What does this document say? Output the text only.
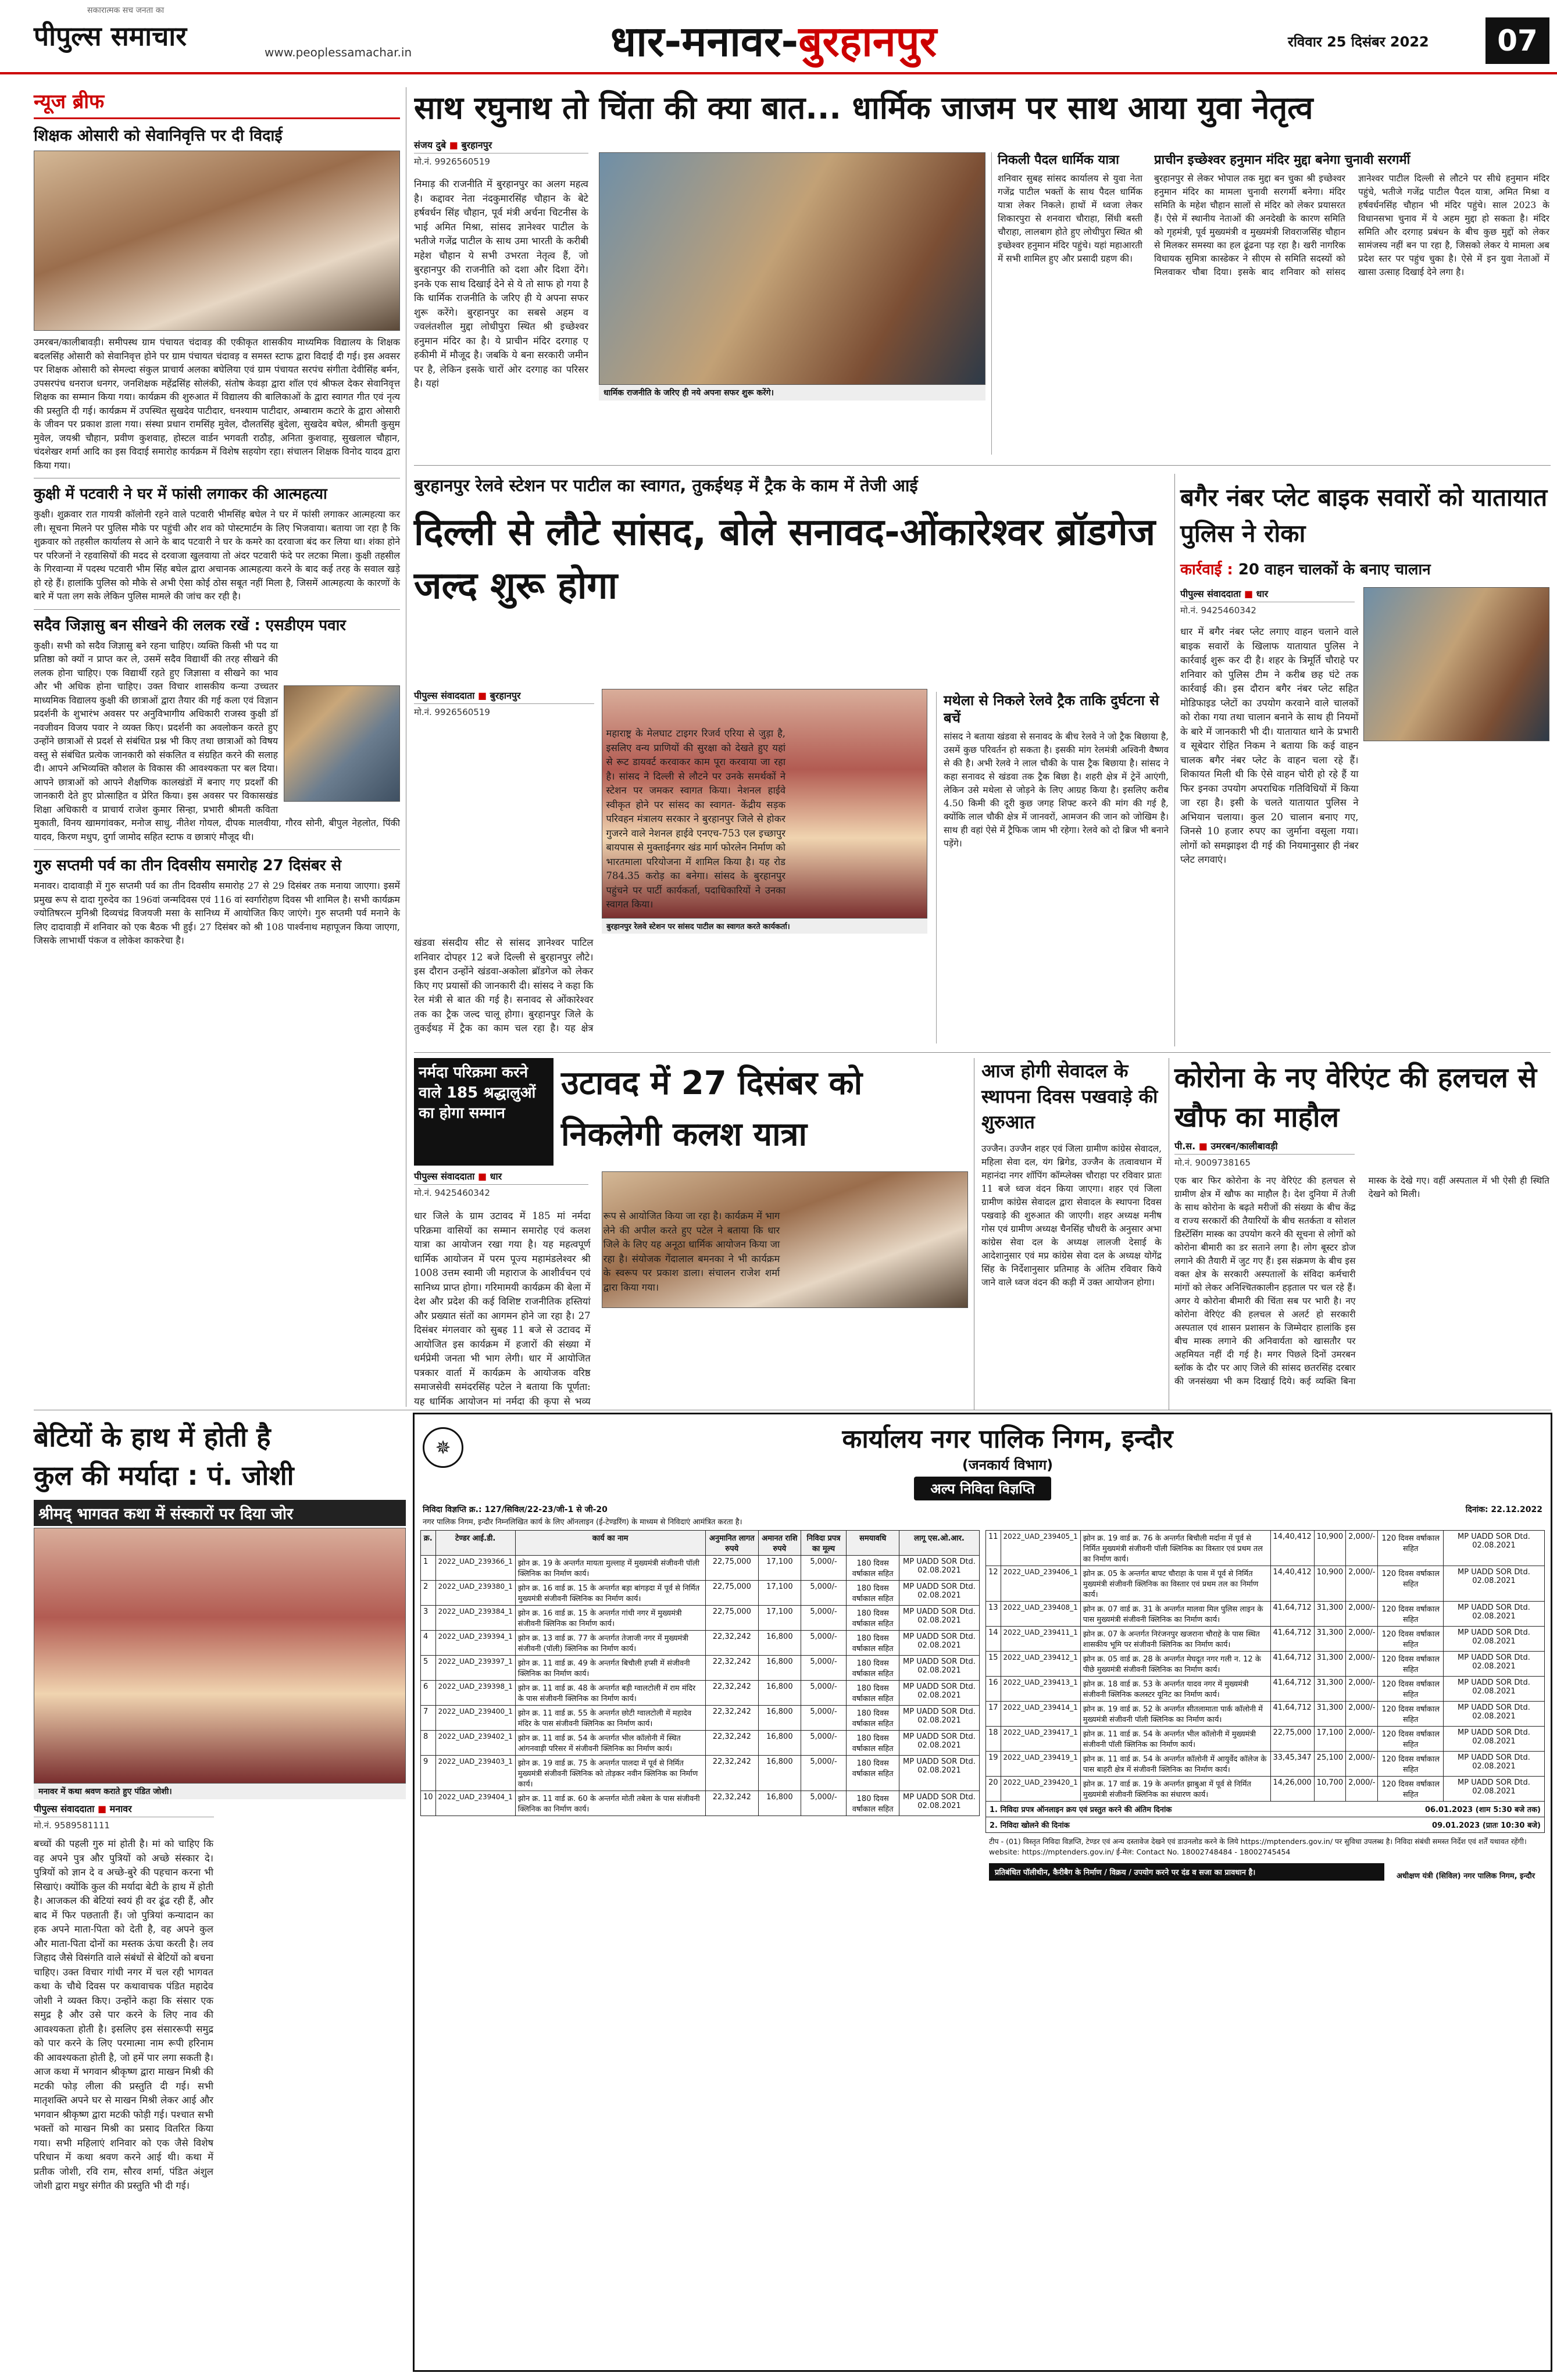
सकारात्मक सच जनता का
पीपुल्स समाचार
www.peoplessamachar.in	धार-मनावर-बुरहानपुर	रविवार 25 दिसंबर 2022	07
न्यूज ब्रीफ
शिक्षक ओसारी को सेवानिवृत्ति पर दी विदाई
उमरबन/कालीबावड़ी। समीपस्थ ग्राम पंचायत चंदावड़ की एकीकृत शासकीय माध्यमिक विद्यालय के शिक्षक बदलसिंह ओसारी को सेवानिवृत्त होने पर ग्राम पंचायत चंदावड़ व समस्त स्टाफ द्वारा विदाई दी गई। इस अवसर पर शिक्षक ओसारी को सेमल्दा संकुल प्राचार्य अलका बघेलिया एवं ग्राम पंचायत सरपंच संगीता देवीसिंह बर्मन, उपसरपंच धनराज धनगर, जनशिक्षक महेंद्रसिंह सोलंकी, संतोष केवड़ा द्वारा शॉल एवं श्रीफल देकर सेवानिवृत्त शिक्षक का सम्मान किया गया। कार्यक्रम की शुरुआत में विद्यालय की बालिकाओं के द्वारा स्वागत गीत एवं नृत्य की प्रस्तुति दी गई। कार्यक्रम में उपस्थित सुखदेव पाटीदार, धनश्याम पाटीदार, अम्बाराम कटारे के द्वारा ओसारी के जीवन पर प्रकाश डाला गया। संस्था प्रधान रामसिंह मुवेल, दौलतसिंह बुंदेला, सुखदेव बघेल, श्रीमती कुसुम मुवेल, जयश्री चौहान, प्रवीण कुशवाह, होस्टल वार्डन भगवती राठौड़, अनिता कुशवाह, सुखलाल चौहान, चंदशेखर शर्मा आदि का इस विदाई समारोह कार्यक्रम में विशेष सहयोग रहा। संचालन शिक्षक विनोद यादव द्वारा किया गया।
कुक्षी में पटवारी ने घर में फांसी लगाकर की आत्महत्या
कुक्षी। शुक्रवार रात गायत्री कॉलोनी रहने वाले पटवारी भीमसिंह बघेल ने घर में फांसी लगाकर आत्महत्या कर ली। सूचना मिलने पर पुलिस मौके पर पहुंची और शव को पोस्टमार्टम के लिए भिजवाया। बताया जा रहा है कि शुक्रवार को तहसील कार्यालय से आने के बाद पटवारी ने घर के कमरे का दरवाजा बंद कर लिया था। शंका होने पर परिजनों ने रहवासियों की मदद से दरवाजा खुलवाया तो अंदर पटवारी फंदे पर लटका मिला। कुक्षी तहसील के गिरवान्या में पदस्थ पटवारी भीम सिंह बघेल द्वारा अचानक आत्महत्या करने के बाद कई तरह के सवाल खड़े हो रहे हैं। हालांकि पुलिस को मौके से अभी ऐसा कोई ठोस सबूत नहीं मिला है, जिसमें आत्महत्या के कारणों के बारे में पता लग सके लेकिन पुलिस मामले की जांच कर रही है।
सदैव जिज्ञासु बन सीखने की ललक रखें : एसडीएम पवार
कुक्षी। सभी को सदैव जिज्ञासु बने रहना चाहिए। व्यक्ति किसी भी पद या प्रतिष्ठा को क्यों न प्राप्त कर ले, उसमें सदैव विद्यार्थी की तरह सीखने की ललक होना चाहिए। एक विद्यार्थी रहते हुए जिज्ञासा व सीखने का भाव और भी अधिक होना चाहिए। उक्त विचार शासकीय कन्या उच्चतर माध्यमिक विद्यालय कुक्षी की छात्राओं द्वारा तैयार की गई कला एवं विज्ञान प्रदर्शनी के शुभारंभ अवसर पर अनुविभागीय अधिकारी राजस्व कुक्षी डॉ नवजीवन विजय पवार ने व्यक्त किए। प्रदर्शनी का अवलोकन करते हुए उन्होंने छात्राओं से प्रदर्श से संबंधित प्रश्न भी किए तथा छात्राओं को विषय वस्तु से संबंधित प्रत्येक जानकारी को संकलित व संग्रहित करने की सलाह दी। आपने अभिव्यक्ति कौशल के विकास की आवश्यकता पर बल दिया। आपने छात्राओं को आपने शैक्षणिक कालखंडों में बनाए गए प्रदर्शों की जानकारी देते हुए प्रोत्साहित व प्रेरित किया। इस अवसर पर विकासखंड शिक्षा अधिकारी व प्राचार्य राजेश कुमार सिन्हा, प्रभारी श्रीमती कविता मुकाती, विनय खामगांवकर, मनोज साधु, नीतेश गोयल, दीपक मालवीया, गौरव सोनी, बीपुल नेहलोत, पिंकी यादव, किरण मधुप, दुर्गा जामोद सहित स्टाफ व छात्राएं मौजूद थी।
गुरु सप्तमी पर्व का तीन दिवसीय समारोह 27 दिसंबर से
मनावर। दादावाड़ी में गुरु सप्तमी पर्व का तीन दिवसीय समारोह 27 से 29 दिसंबर तक मनाया जाएगा। इसमें प्रमुख रूप से दादा गुरुदेव का 196वां जन्मदिवस एवं 116 वां स्वर्गारोहण दिवस भी शामिल है। सभी कार्यक्रम ज्योतिषरत्न मुनिश्री दिव्यचंद्र विजयजी मसा के सानिध्य में आयोजित किए जाएंगे। गुरु सप्तमी पर्व मनाने के लिए दादावाड़ी में शनिवार को एक बैठक भी हुई। 27 दिसंबर को श्री 108 पार्श्वनाथ महापूजन किया जाएगा, जिसके लाभार्थी पंकज व लोकेश काकरेचा है।
साथ रघुनाथ तो चिंता की क्या बात... धार्मिक जाजम पर साथ आया युवा नेतृत्व
संजय दुबे ■ बुरहानपुर
मो.नं. 9926560519
धार्मिक राजनीति के जरिए ही नये अपना सफर शुरू करेंगे।
निमाड़ की राजनीति में बुरहानपुर का अलग महत्व है। कद्दावर नेता नंदकुमारसिंह चौहान के बेटे हर्षवर्धन सिंह चौहान, पूर्व मंत्री अर्चना चिटनीस के भाई अमित मिश्रा, सांसद ज्ञानेश्वर पाटील के भतीजे गजेंद्र पाटील के साथ उमा भारती के करीबी महेश चौहान ये सभी उभरता नेतृत्व हैं, जो बुरहानपुर की राजनीति को दशा और दिशा देंगे। इनके एक साथ दिखाई देने से ये तो साफ हो गया है कि धार्मिक राजनीति के जरिए ही ये अपना सफर शुरू करेंगे। बुरहानपुर का सबसे अहम व ज्वलंतशील मुद्दा लोधीपुरा स्थित श्री इच्छेश्वर हनुमान मंदिर का है। ये प्राचीन मंदिर दरगाह ए हकीमी में मौजूद है। जबकि ये बना सरकारी जमीन पर है, लेकिन इसके चारों ओर दरगाह का परिसर है। यहां
निकली पैदल धार्मिक यात्रा
शनिवार सुबह सांसद कार्यालय से युवा नेता गजेंद्र पाटील भक्तों के साथ पैदल धार्मिक यात्रा लेकर निकले। हाथों में ध्वजा लेकर शिकारपुरा से शनवारा चौराहा, सिंधी बस्ती चौराहा, लालबाग होते हुए लोधीपुरा स्थित श्री इच्छेश्वर हनुमान मंदिर पहुंचे। यहां महाआरती में सभी शामिल हुए और प्रसादी ग्रहण की।
प्राचीन इच्छेश्वर हनुमान मंदिर मुद्दा बनेगा चुनावी सरगर्मी
बुरहानपुर से लेकर भोपाल तक मुद्दा बन चुका श्री इच्छेश्वर हनुमान मंदिर का मामला चुनावी सरगर्मी बनेगा। मंदिर समिति के महेश चौहान सालों से मंदिर को लेकर प्रयासरत हैं। ऐसे में स्थानीय नेताओं की अनदेखी के कारण समिति को गृहमंत्री, पूर्व मुख्यमंत्री व मुख्यमंत्री शिवराजसिंह चौहान से मिलकर समस्या का हल ढूंढना पड़ रहा है। खरी नागरिक विधायक सुमित्रा कास्डेकर ने सीएम से समिति सदस्यों को मिलवाकर चौबा दिया। इसके बाद शनिवार को सांसद ज्ञानेश्वर पाटील दिल्ली से लौटने पर सीधे हनुमान मंदिर पहुंचे, भतीजे गजेंद्र पाटील पैदल यात्रा, अमित मिश्रा व हर्षवर्धनसिंह चौहान भी मंदिर पहुंचे। साल 2023 के विधानसभा चुनाव में ये अहम मुद्दा हो सकता है। मंदिर समिति और दरगाह प्रबंधन के बीच कुछ मुद्दों को लेकर सामंजस्य नहीं बन पा रहा है, जिसको लेकर ये मामला अब प्रदेश स्तर पर पहुंच चुका है। ऐसे में इन युवा नेताओं में खासा उत्साह दिखाई देने लगा है।
बुरहानपुर रेलवे स्टेशन पर पाटील का स्वागत, तुकईथड़ में ट्रैक के काम में तेजी आई
दिल्ली से लौटे सांसद, बोले सनावद-ओंकारेश्वर ब्रॉडगेज जल्द शुरू होगा
पीपुल्स संवाददाता ■ बुरहानपुर
मो.नं. 9926560519
बुरहानपुर रेलवे स्टेशन पर सांसद पाटील का स्वागत करते कार्यकर्ता।
खंडवा संसदीय सीट से सांसद ज्ञानेश्वर पाटिल शनिवार दोपहर 12 बजे दिल्ली से बुरहानपुर लौटे। इस दौरान उन्होंने खंडवा-अकोला ब्रॉडगेज को लेकर किए गए प्रयासों की जानकारी दी। सांसद ने कहा कि रेल मंत्री से बात की गई है। सनावद से ओंकारेश्वर तक का ट्रैक जल्द चालू होगा। बुरहानपुर जिले के तुकईथड़ में ट्रैक का काम चल रहा है। यह क्षेत्र महाराष्ट्र के मेलघाट टाइगर रिजर्व एरिया से जुड़ा है, इसलिए वन्य प्राणियों की सुरक्षा को देखते हुए यहां से रूट डायवर्ट करवाकर काम पूरा करवाया जा रहा है। सांसद ने दिल्ली से लौटने पर उनके समर्थकों ने स्टेशन पर जमकर स्वागत किया। नेशनल हाईवे स्वीकृत होने पर सांसद का स्वागत- केंद्रीय सड़क परिवहन मंत्रालय सरकार ने बुरहानपुर जिले से होकर गुजरने वाले नेशनल हाईवे एनएच-753 एल इच्छापुर बायपास से मुक्ताईनगर खंड मार्ग फोरलेन निर्माण को भारतमाला परियोजना में शामिल किया है। यह रोड 784.35 करोड़ का बनेगा। सांसद के बुरहानपुर पहुंचने पर पार्टी कार्यकर्ता, पदाधिकारियों ने उनका स्वागत किया।
मथेला से निकले रेलवे ट्रैक ताकि दुर्घटना से बचें
सांसद ने बताया खंडवा से सनावद के बीच रेलवे ने जो ट्रैक बिछाया है, उसमें कुछ परिवर्तन हो सकता है। इसकी मांग रेलमंत्री अश्विनी वैष्णव से की है। अभी रेलवे ने लाल चौकी के पास ट्रैक बिछाया है। सांसद ने कहा सनावद से खंडवा तक ट्रैक बिछा है। शहरी क्षेत्र में ट्रेनें आएंगी, लेकिन उसे मथेला से जोड़ने के लिए आग्रह किया है। इसलिए करीब 4.50 किमी की दूरी कुछ जगह शिफ्ट करने की मांग की गई है, क्योंकि लाल चौकी क्षेत्र में जानवरों, आमजन की जान को जोखिम है। साथ ही वहां ऐसे में ट्रैफिक जाम भी रहेगा। रेलवे को दो ब्रिज भी बनाने पड़ेंगे।
बगैर नंबर प्लेट बाइक सवारों को यातायात पुलिस ने रोका
कार्रवाई : 20 वाहन चालकों के बनाए चालान
पीपुल्स संवाददाता ■ धार
मो.नं. 9425460342
धार में बगैर नंबर प्लेट लगाए वाहन चलाने वाले बाइक सवारों के खिलाफ यातायात पुलिस ने कार्रवाई शुरू कर दी है। शहर के त्रिमूर्ति चौराहे पर शनिवार को पुलिस टीम ने करीब छह घंटे तक कार्रवाई की। इस दौरान बगैर नंबर प्लेट सहित मोडिफाइड प्लेटों का उपयोग करवाने वाले चालकों को रोका गया तथा चालान बनाने के साथ ही नियमों के बारे में जानकारी भी दी। यातायात थाने के प्रभारी व सूबेदार रोहित निकम ने बताया कि कई वाहन चालक बगैर नंबर प्लेट के वाहन चला रहे हैं। शिकायत मिली थी कि ऐसे वाहन चोरी हो रहे हैं या फिर इनका उपयोग अपराधिक गतिविधियों में किया जा रहा है। इसी के चलते यातायात पुलिस ने अभियान चलाया। कुल 20 चालान बनाए गए, जिनसे 10 हजार रुपए का जुर्माना वसूला गया। लोगों को समझाइश दी गई की नियमानुसार ही नंबर प्लेट लगवाएं।
नर्मदा परिक्रमा करने वाले 185 श्रद्धालुओं का होगा सम्मान
उटावद में 27 दिसंबर को निकलेगी कलश यात्रा
पीपुल्स संवाददाता ■ धार
मो.नं. 9425460342
धार जिले के ग्राम उटावद में 185 मां नर्मदा परिक्रमा वासियों का सम्मान समारोह एवं कलश यात्रा का आयोजन रखा गया है। यह महत्वपूर्ण धार्मिक आयोजन में परम पूज्य महामंडलेश्वर श्री 1008 उत्तम स्वामी जी महाराज के आशीर्वचन एवं सानिध्य प्राप्त होगा। गरिमामयी कार्यक्रम की बेला में देश और प्रदेश की कई विशिष्ट राजनीतिक हस्तियां और प्रख्यात संतों का आगमन होने जा रहा है। 27 दिसंबर मंगलवार को सुबह 11 बजे से उटावद में आयोजित इस कार्यक्रम में हजारों की संख्या में धर्मप्रेमी जनता भी भाग लेगी। धार में आयोजित पत्रकार वार्ता में कार्यक्रम के आयोजक वरिष्ठ समाजसेवी समंदरसिंह पटेल ने बताया कि पूर्णता: यह धार्मिक आयोजन मां नर्मदा की कृपा से भव्य रूप से आयोजित किया जा रहा है। कार्यक्रम में भाग लेने की अपील करते हुए पटेल ने बताया कि धार जिले के लिए यह अनूठा धार्मिक आयोजन किया जा रहा है। संयोजक गेंदालाल बमनका ने भी कार्यक्रम के स्वरूप पर प्रकाश डाला। संचालन राजेश शर्मा द्वारा किया गया।
आज होगी सेवादल के स्थापना दिवस पखवाड़े की शुरुआत
उज्जैन। उज्जैन शहर एवं जिला ग्रामीण कांग्रेस सेवादल, महिला सेवा दल, यंग ब्रिगेड, उज्जैन के तत्वावधान में महानंदा नगर शॉपिंग कॉम्प्लेक्स चौराहा पर रविवार प्रातः 11 बजे ध्वज वंदन किया जाएगा। शहर एवं जिला ग्रामीण कांग्रेस सेवादल द्वारा सेवादल के स्थापना दिवस पखवाड़े की शुरुआत की जाएगी। शहर अध्यक्ष मनीष गोस एवं ग्रामीण अध्यक्ष चैनसिंह चौधरी के अनुसार अभा कांग्रेस सेवा दल के अध्यक्ष लालजी देसाई के आदेशानुसार एवं मप्र कांग्रेस सेवा दल के अध्यक्ष योगेंद्र सिंह के निर्देशानुसार प्रतिमाह के अंतिम रविवार किये जाने वाले ध्वज वंदन की कड़ी में उक्त आयोजन होगा।
कोरोना के नए वेरिएंट की हलचल से खौफ का माहौल
पी.स. ■ उमरबन/कालीबावड़ी
मो.नं. 9009738165
एक बार फिर कोरोना के नए वेरिएंट की हलचल से ग्रामीण क्षेत्र में खौफ का माहौल है। देश दुनिया में तेजी के साथ कोरोना के बढ़ते मरीजों की संख्या के बीच केंद्र व राज्य सरकारों की तैयारियों के बीच सतर्कता व सोशल डिस्टेंसिंग मास्क का उपयोग करने की सूचना से लोगों को कोरोना बीमारी का डर सताने लगा है। लोग बूस्टर डोज लगाने की तैयारी में जुट गए हैं। इस संक्रमण के बीच इस वक्त क्षेत्र के सरकारी अस्पतालों के संविदा कर्मचारी मांगों को लेकर अनिश्चितकालीन हड़ताल पर चल रहे हैं। अगर ये कोरोना बीमारी की चिंता सब पर भारी है। नए कोरोना वेरिएंट की हलचल से अलर्ट हो सरकारी अस्पताल एवं शासन प्रशासन के जिम्मेदार हालांकि इस बीच मास्क लगाने की अनिवार्यता को खासतौर पर अहमियत नहीं दी गई है। मगर पिछले दिनों उमरबन ब्लॉक के दौर पर आए जिले की सांसद छतरसिंह दरबार की जनसंख्या भी कम दिखाई दिये। कई व्यक्ति बिना मास्क के देखे गए। वहीं अस्पताल में भी ऐसी ही स्थिति देखने को मिली।
बेटियों के हाथ में होती है
कुल की मर्यादा : पं. जोशी
श्रीमद् भागवत कथा में संस्कारों पर दिया जोर
मनावर में कथा श्रवण कराते हुए पंडित जोशी।
पीपुल्स संवाददाता ■ मनावर
मो.नं. 9589581111
बच्चों की पहली गुरु मां होती है। मां को चाहिए कि वह अपने पुत्र और पुत्रियों को अच्छे संस्कार दे। पुत्रियों को ज्ञान दे व अच्छे-बुरे की पहचान करना भी सिखाएं। क्योंकि कुल की मर्यादा बेटी के हाथ में होती है। आजकल की बेटियां स्वयं ही वर ढूंढ रही हैं, और बाद में फिर पछताती हैं। जो पुत्रियां कन्यादान का हक अपने माता-पिता को देती है, वह अपने कुल और माता-पिता दोनों का मस्तक ऊंचा करती है। लव जिहाद जैसे विसंगति वाले संबंधों से बेटियों को बचना चाहिए। उक्त विचार गांधी नगर में चल रही भागवत कथा के चौथे दिवस पर कथावाचक पंडित महादेव जोशी ने व्यक्त किए। उन्होंने कहा कि संसार एक समुद्र है और उसे पार करने के लिए नाव की आवश्यकता होती है। इसलिए इस संसाररूपी समुद्र को पार करने के लिए परमात्मा नाम रूपी हरिनाम की आवश्यकता होती है, जो हमें पार लगा सकती है। आज कथा में भगवान श्रीकृष्ण द्वारा माखन मिश्री की मटकी फोड़ लीला की प्रस्तुति दी गई। सभी मातृशक्ति अपने घर से माखन मिश्री लेकर आई और भगवान श्रीकृष्ण द्वारा मटकी फोड़ी गई। पश्चात सभी भक्तों को माखन मिश्री का प्रसाद वितरित किया गया। सभी महिलाएं शनिवार को एक जैसे विशेष परिधान में कथा श्रवण करने आई थी। कथा में प्रतीक जोशी, रवि राम, सौरव शर्मा, पंडित अंशुल जोशी द्वारा मधुर संगीत की प्रस्तुति भी दी गई।
✵	कार्यालय नगर पालिक निगम, इन्दौर
(जनकार्य विभाग)
अल्प निविदा विज्ञप्ति
निविदा विज्ञप्ति क्र.: 127/सिविल/22-23/जी-1 से जी-20	दिनांक: 22.12.2022
नगर पालिक निगम, इन्दौर निम्नलिखित कार्य के लिए ऑनलाइन (ई-टेण्डरिंग) के माध्यम से निविदाएं आमंत्रित करता है।
क्र.	टेण्डर आई.डी.	कार्य का नाम	अनुमानित लागत रुपये	अमानत राशि रुपये	निविदा प्रपत्र का मूल्य	समयावधि	लागू एस.ओ.आर.
1	2022_UAD_239366_1	झोन क्र. 19 के अन्तर्गत मायता मुल्लाह में मुख्यमंत्री संजीवनी पॉली क्लिनिक का निर्माण कार्य।	22,75,000	17,100	5,000/-	180 दिवस वर्षाकाल सहित	MP UADD SOR Dtd. 02.08.2021
2	2022_UAD_239380_1	झोन क्र. 16 वार्ड क्र. 15 के अन्तर्गत बड़ा बांगड़दा में पूर्व से निर्मित मुख्यमंत्री संजीवनी क्लिनिक का निर्माण कार्य।	22,75,000	17,100	5,000/-	180 दिवस वर्षाकाल सहित	MP UADD SOR Dtd. 02.08.2021
3	2022_UAD_239384_1	झोन क्र. 16 वार्ड क्र. 15 के अन्तर्गत गांधी नगर में मुख्यमंत्री संजीवनी क्लिनिक का निर्माण कार्य।	22,75,000	17,100	5,000/-	180 दिवस वर्षाकाल सहित	MP UADD SOR Dtd. 02.08.2021
4	2022_UAD_239394_1	झोन क्र. 13 वार्ड क्र. 77 के अन्तर्गत तेजाजी नगर में मुख्यमंत्री संजीवनी (पॉली) क्लिनिक का निर्माण कार्य।	22,32,242	16,800	5,000/-	180 दिवस वर्षाकाल सहित	MP UADD SOR Dtd. 02.08.2021
5	2022_UAD_239397_1	झोन क्र. 11 वार्ड क्र. 49 के अन्तर्गत बिचौली हप्सी में संजीवनी क्लिनिक का निर्माण कार्य।	22,32,242	16,800	5,000/-	180 दिवस वर्षाकाल सहित	MP UADD SOR Dtd. 02.08.2021
6	2022_UAD_239398_1	झोन क्र. 11 वार्ड क्र. 48 के अन्तर्गत बड़ी ग्वालटोली में राम मंदिर के पास संजीवनी क्लिनिक का निर्माण कार्य।	22,32,242	16,800	5,000/-	180 दिवस वर्षाकाल सहित	MP UADD SOR Dtd. 02.08.2021
7	2022_UAD_239400_1	झोन क्र. 11 वार्ड क्र. 55 के अन्तर्गत छोटी ग्वालटोली में महादेव मंदिर के पास संजीवनी क्लिनिक का निर्माण कार्य।	22,32,242	16,800	5,000/-	180 दिवस वर्षाकाल सहित	MP UADD SOR Dtd. 02.08.2021
8	2022_UAD_239402_1	झोन क्र. 11 वार्ड क्र. 54 के अन्तर्गत भील कॉलोनी में स्थित आंगनवाड़ी परिसर में संजीवनी क्लिनिक का निर्माण कार्य।	22,32,242	16,800	5,000/-	180 दिवस वर्षाकाल सहित	MP UADD SOR Dtd. 02.08.2021
9	2022_UAD_239403_1	झोन क्र. 19 वार्ड क्र. 75 के अन्तर्गत पालदा में पूर्व से निर्मित मुख्यमंत्री संजीवनी क्लिनिक को तोड़कर नवीन क्लिनिक का निर्माण कार्य।	22,32,242	16,800	5,000/-	180 दिवस वर्षाकाल सहित	MP UADD SOR Dtd. 02.08.2021
10	2022_UAD_239404_1	झोन क्र. 11 वार्ड क्र. 60 के अन्तर्गत मोती तबेला के पास संजीवनी क्लिनिक का निर्माण कार्य।	22,32,242	16,800	5,000/-	180 दिवस वर्षाकाल सहित	MP UADD SOR Dtd. 02.08.2021
11	2022_UAD_239405_1	झोन क्र. 19 वार्ड क्र. 76 के अन्तर्गत बिचौली मर्दाना में पूर्व से निर्मित मुख्यमंत्री संजीवनी पॉली क्लिनिक का विस्तार एवं प्रथम तल का निर्माण कार्य।	14,40,412	10,900	2,000/-	120 दिवस वर्षाकाल सहित	MP UADD SOR Dtd. 02.08.2021
12	2022_UAD_239406_1	झोन क्र. 05 के अन्तर्गत बापट चौराहा के पास में पूर्व से निर्मित मुख्यमंत्री संजीवनी क्लिनिक का विस्तार एवं प्रथम तल का निर्माण कार्य।	14,40,412	10,900	2,000/-	120 दिवस वर्षाकाल सहित	MP UADD SOR Dtd. 02.08.2021
13	2022_UAD_239408_1	झोन क्र. 07 वार्ड क्र. 31 के अन्तर्गत मालवा मिल पुलिस लाइन के पास मुख्यमंत्री संजीवनी क्लिनिक का निर्माण कार्य।	41,64,712	31,300	2,000/-	120 दिवस वर्षाकाल सहित	MP UADD SOR Dtd. 02.08.2021
14	2022_UAD_239411_1	झोन क्र. 07 के अन्तर्गत निरंजनपुर खजराना चौराहे के पास स्थित शासकीय भूमि पर संजीवनी क्लिनिक का निर्माण कार्य।	41,64,712	31,300	2,000/-	120 दिवस वर्षाकाल सहित	MP UADD SOR Dtd. 02.08.2021
15	2022_UAD_239412_1	झोन क्र. 05 वार्ड क्र. 28 के अन्तर्गत मेघदूत नगर गली न. 12 के पीछे मुख्यमंत्री संजीवनी क्लिनिक का निर्माण कार्य।	41,64,712	31,300	2,000/-	120 दिवस वर्षाकाल सहित	MP UADD SOR Dtd. 02.08.2021
16	2022_UAD_239413_1	झोन क्र. 18 वार्ड क्र. 53 के अन्तर्गत यादव नगर में मुख्यमंत्री संजीवनी क्लिनिक कलस्टर यूनिट का निर्माण कार्य।	41,64,712	31,300	2,000/-	120 दिवस वर्षाकाल सहित	MP UADD SOR Dtd. 02.08.2021
17	2022_UAD_239414_1	झोन क्र. 19 वार्ड क्र. 52 के अन्तर्गत सीतलामाता पार्क कॉलोनी में मुख्यमंत्री संजीवनी पॉली क्लिनिक का निर्माण कार्य।	41,64,712	31,300	2,000/-	120 दिवस वर्षाकाल सहित	MP UADD SOR Dtd. 02.08.2021
18	2022_UAD_239417_1	झोन क्र. 11 वार्ड क्र. 54 के अन्तर्गत भील कॉलोनी में मुख्यमंत्री संजीवनी पॉली क्लिनिक का निर्माण कार्य।	22,75,000	17,100	2,000/-	120 दिवस वर्षाकाल सहित	MP UADD SOR Dtd. 02.08.2021
19	2022_UAD_239419_1	झोन क्र. 11 वार्ड क्र. 54 के अन्तर्गत कॉलोनी में आयुर्वेद कॉलेज के पास बाहरी क्षेत्र में संजीवनी क्लिनिक का निर्माण कार्य।	33,45,347	25,100	2,000/-	120 दिवस वर्षाकाल सहित	MP UADD SOR Dtd. 02.08.2021
20	2022_UAD_239420_1	झोन क्र. 17 वार्ड क्र. 19 के अन्तर्गत झाबुआ में पूर्व से निर्मित मुख्यमंत्री संजीवनी क्लिनिक का संधारण कार्य।	14,26,000	10,700	2,000/-	120 दिवस वर्षाकाल सहित	MP UADD SOR Dtd. 02.08.2021
1. निविदा प्रपत्र ऑनलाइन क्रय एवं प्रस्तुत करने की अंतिम दिनांक	06.01.2023 (शाम 5:30 बजे तक)
2. निविदा खोलने की दिनांक	09.01.2023 (प्रातः 10:30 बजे)
टीप - (01) विस्तृत निविदा विज्ञप्ति, टेण्डर एवं अन्य दस्तावेज देखने एवं डाउनलोड करने के लिये https://mptenders.gov.in/ पर सुविधा उपलब्ध है। निविदा संबंधी समस्त निर्देश एवं शर्तें यथावत रहेंगी। website: https://mptenders.gov.in/ ई-मेल: Contact No. 18002748484 - 18002745454
प्रतिबंधित पॉलीथीन, कैरीबैग के निर्माण / विक्रय / उपयोग करने पर दंड व सजा का प्रावधान है।	अधीक्षण यंत्री (सिविल) नगर पालिक निगम, इन्दौर
